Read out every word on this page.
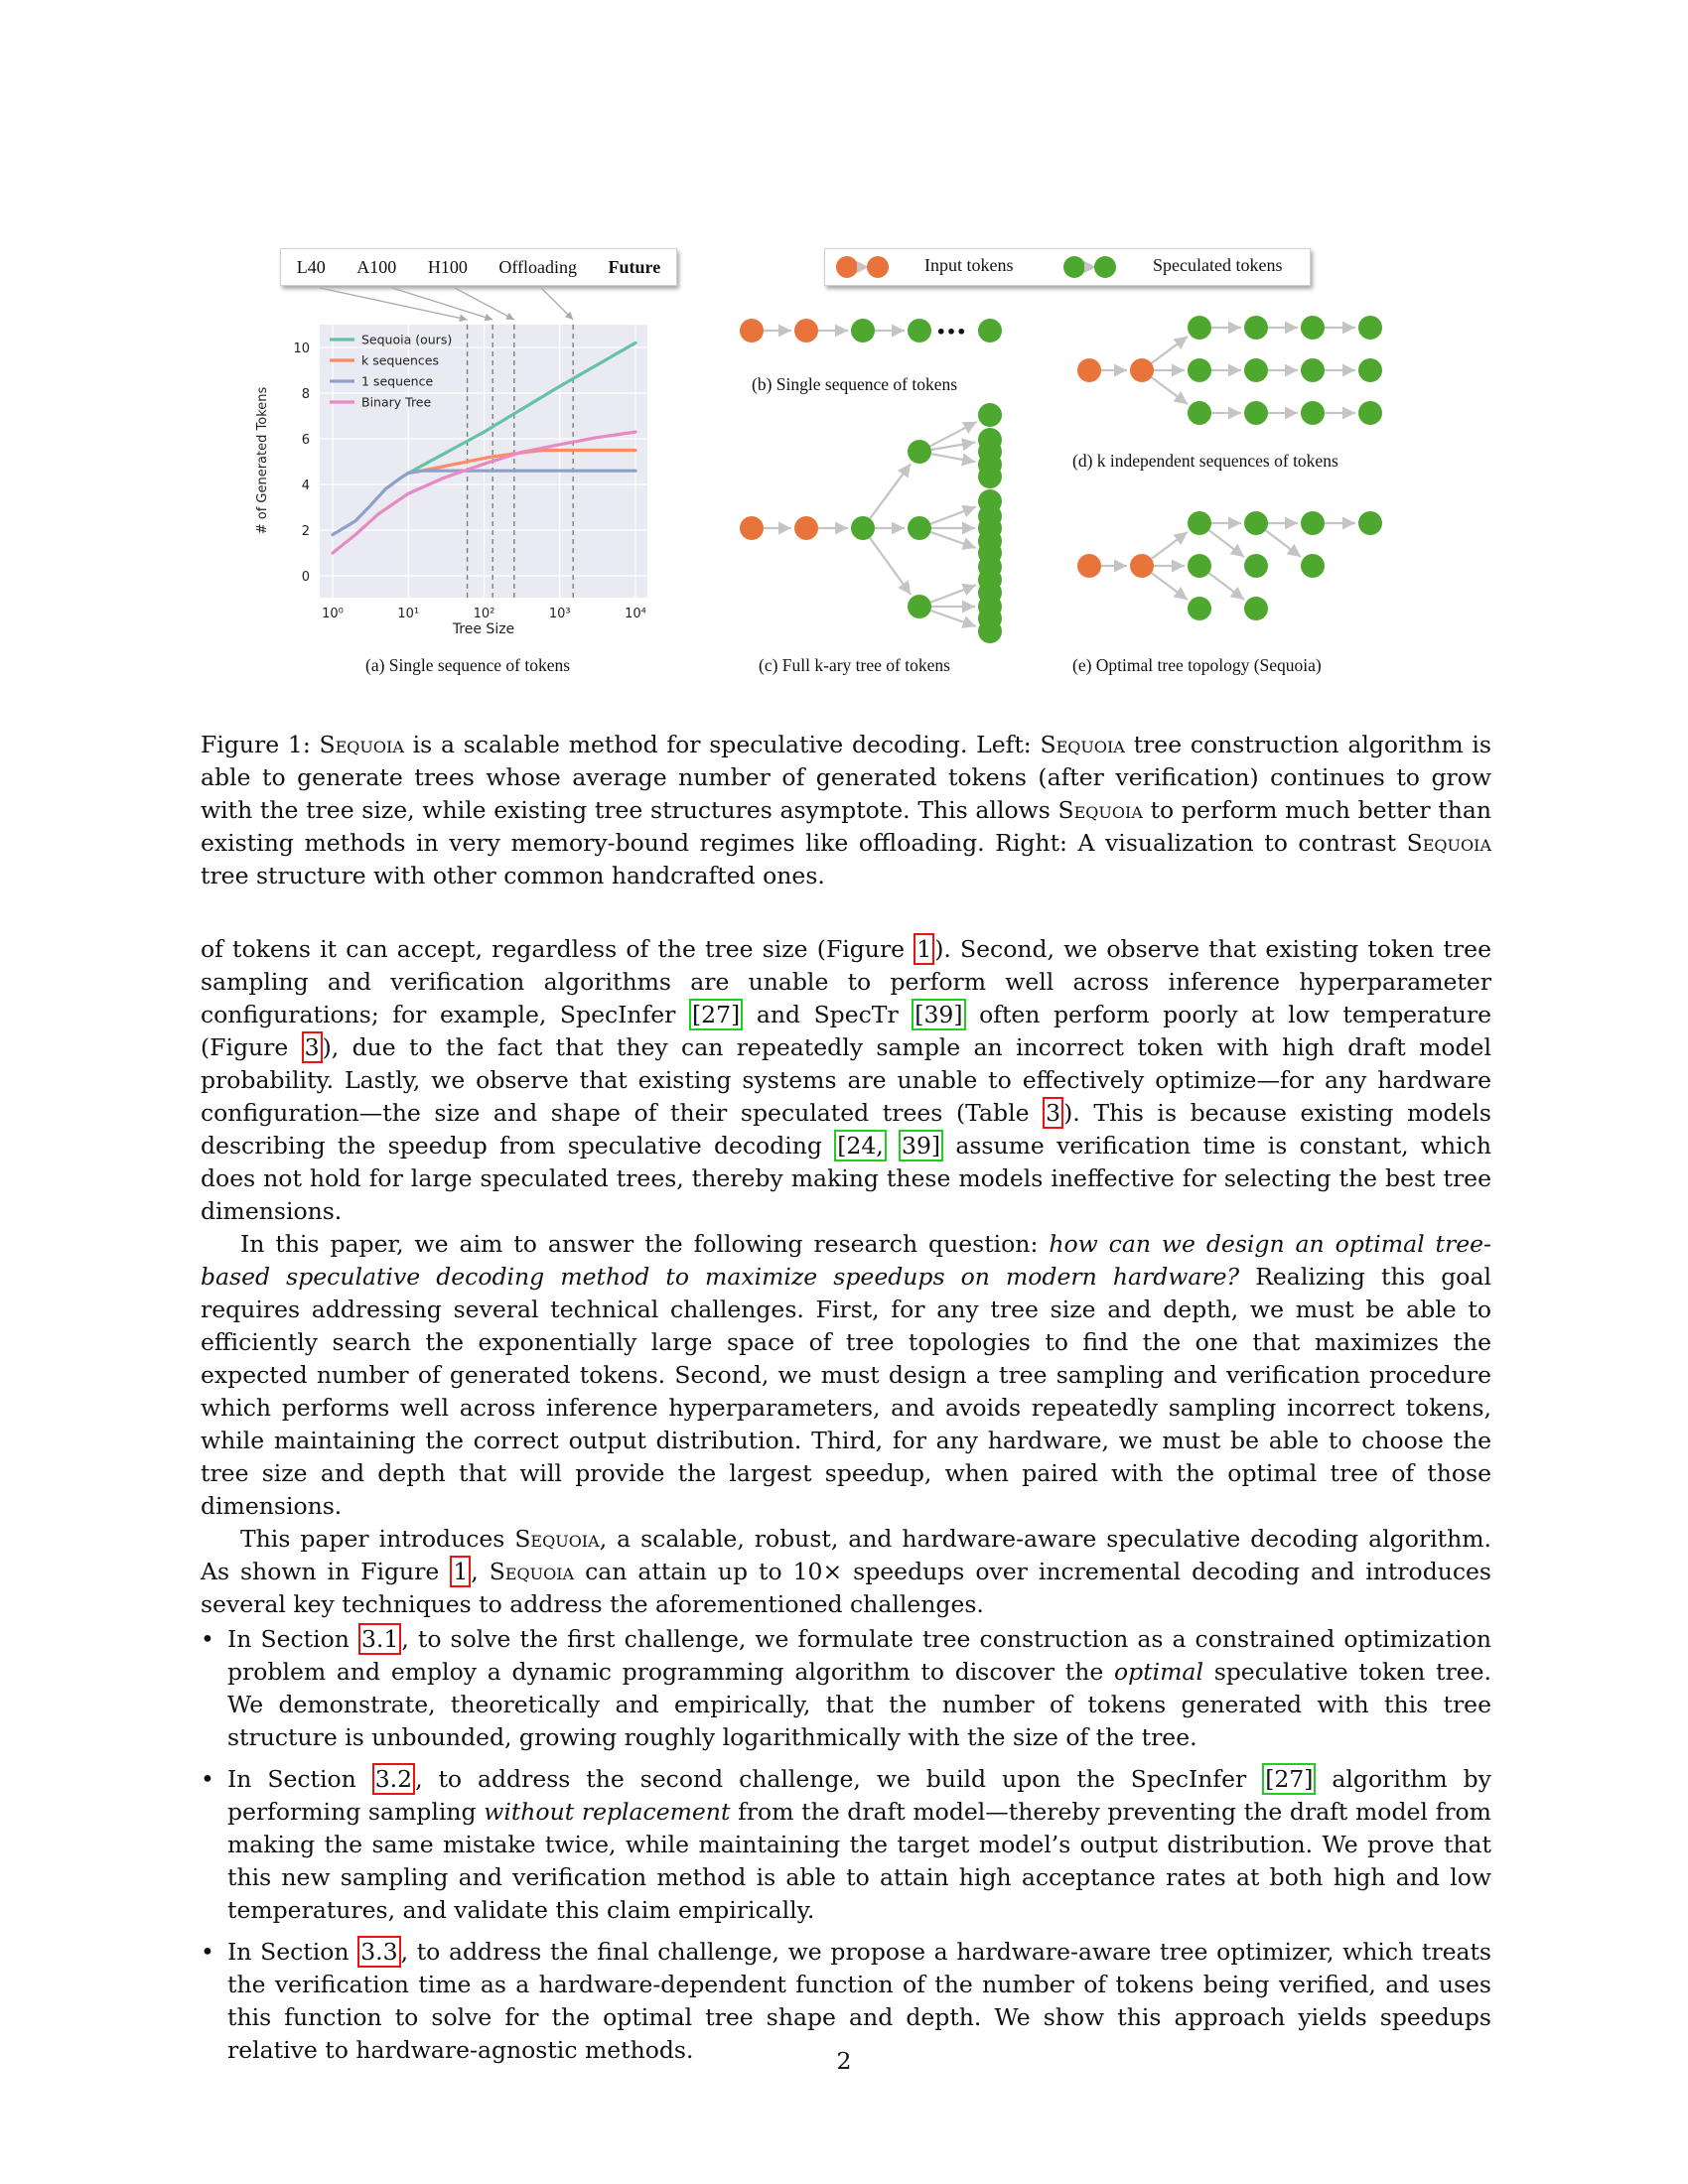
L40 A100 H100 Offloading Future
0
2
4
6
8
10
10⁰	10¹	10²	10³	10⁴
Tree Size
# of Generated Tokens
Sequoia (ours)
k sequences
1 sequence
Binary Tree
(a) Single sequence of tokens
Input tokens	Speculated tokens
•••
(b) Single sequence of tokens
(d) k independent sequences of tokens
(c) Full k-ary tree of tokens	(e) Optimal tree topology (Sequoia)
Figure 1: Sequoia is a scalable method for speculative decoding. Left: Sequoia tree construction algorithm is able to generate trees whose average number of generated tokens (after verification) continues to grow with the tree size, while existing tree structures asymptote. This allows Sequoia to perform much better than existing methods in very memory-bound regimes like offloading. Right: A visualization to contrast Sequoia tree structure with other common handcrafted ones.

of tokens it can accept, regardless of the tree size (Figure 1 ). Second, we observe that existing token tree sampling and verification algorithms are unable to perform well across inference hyperparameter configurations; for example, SpecInfer [27] and SpecTr [39] often perform poorly at low temperature (Figure 3 ), due to the fact that they can repeatedly sample an incorrect token with high draft model probability. Lastly, we observe that existing systems are unable to effectively optimize—for any hardware configuration—the size and shape of their speculated trees (Table 3 ). This is because existing models describing the speedup from speculative decoding [24, 39] assume verification time is constant, which does not hold for large speculated trees, thereby making these models ineffective for selecting the best tree dimensions.

In this paper, we aim to answer the following research question: how can we design an optimal tree-based speculative decoding method to maximize speedups on modern hardware? Realizing this goal requires addressing several technical challenges. First, for any tree size and depth, we must be able to efficiently search the exponentially large space of tree topologies to find the one that maximizes the expected number of generated tokens. Second, we must design a tree sampling and verification procedure which performs well across inference hyperparameters, and avoids repeatedly sampling incorrect tokens, while maintaining the correct output distribution. Third, for any hardware, we must be able to choose the tree size and depth that will provide the largest speedup, when paired with the optimal tree of those dimensions.

This paper introduces Sequoia, a scalable, robust, and hardware-aware speculative decoding algorithm. As shown in Figure 1 , Sequoia can attain up to 10× speedups over incremental decoding and introduces several key techniques to address the aforementioned challenges.

• In Section 3.1 , to solve the first challenge, we formulate tree construction as a constrained optimization problem and employ a dynamic programming algorithm to discover the optimal speculative token tree. We demonstrate, theoretically and empirically, that the number of tokens generated with this tree structure is unbounded, growing roughly logarithmically with the size of the tree.
• In Section 3.2 , to address the second challenge, we build upon the SpecInfer [27] algorithm by performing sampling without replacement from the draft model—thereby preventing the draft model from making the same mistake twice, while maintaining the target model’s output distribution. We prove that this new sampling and verification method is able to attain high acceptance rates at both high and low temperatures, and validate this claim empirically.
• In Section 3.3 , to address the final challenge, we propose a hardware-aware tree optimizer, which treats the verification time as a hardware-dependent function of the number of tokens being verified, and uses this function to solve for the optimal tree shape and depth. We show this approach yields speedups relative to hardware-agnostic methods.	2
